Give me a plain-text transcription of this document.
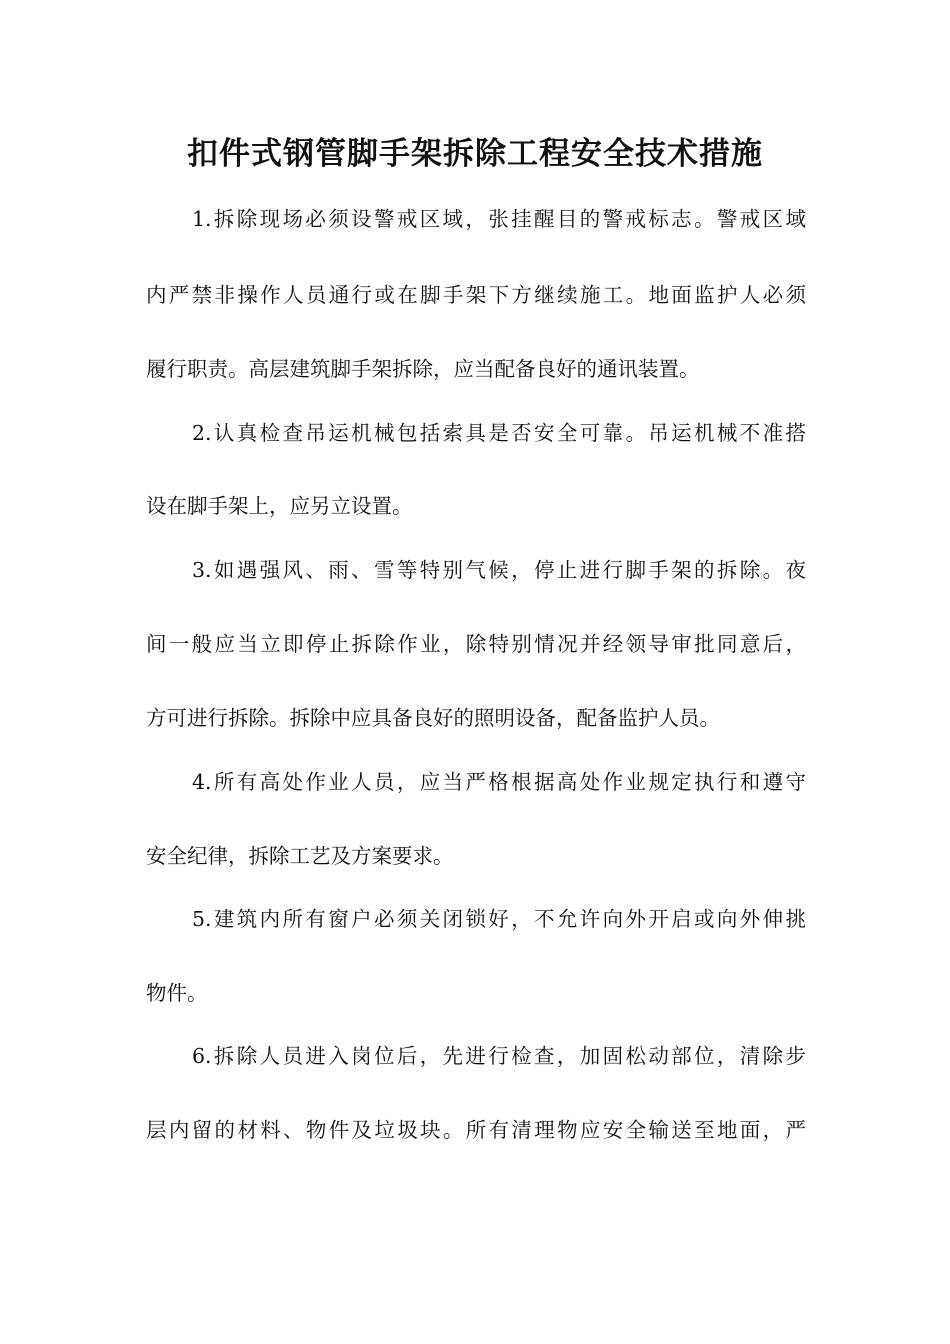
扣件式钢管脚手架拆除工程安全技术措施

1.拆除现场必须设警戒区域，张挂醒目的警戒标志。警戒区域

内严禁非操作人员通行或在脚手架下方继续施工。地面监护人必须

履行职责。高层建筑脚手架拆除，应当配备良好的通讯装置。

2.认真检查吊运机械包括索具是否安全可靠。吊运机械不准搭

设在脚手架上，应另立设置。

3.如遇强风、雨、雪等特别气候，停止进行脚手架的拆除。夜

间一般应当立即停止拆除作业，除特别情况并经领导审批同意后，

方可进行拆除。拆除中应具备良好的照明设备，配备监护人员。

4.所有高处作业人员，应当严格根据高处作业规定执行和遵守

安全纪律，拆除工艺及方案要求。

5.建筑内所有窗户必须关闭锁好，不允许向外开启或向外伸挑

物件。

6.拆除人员进入岗位后，先进行检查，加固松动部位，清除步

层内留的材料、物件及垃圾块。所有清理物应安全输送至地面，严
